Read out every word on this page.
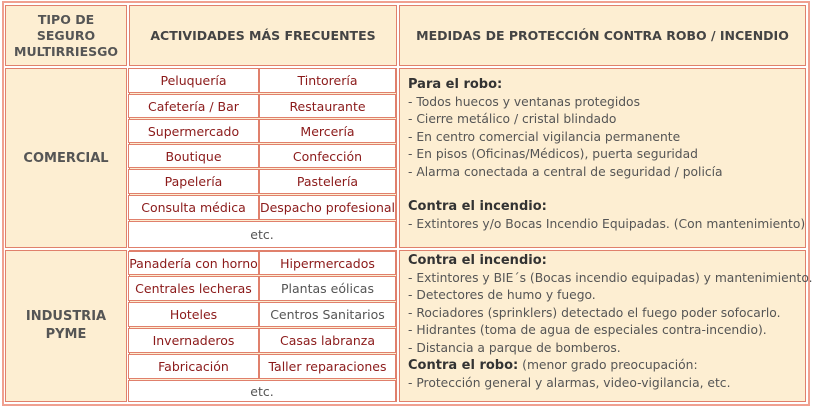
TIPO DE
SEGURO
MULTIRRIESGO
ACTIVIDADES MÁS FRECUENTES	MEDIDAS DE PROTECCIÓN CONTRA ROBO / INCENDIO
COMERCIAL
Peluquería	Tintorería
Cafetería / Bar	Restaurante
Supermercado	Mercería
Boutique	Confección
Papelería	Pastelería
Consulta médica	Despacho profesional
etc.
Para el robo:
- Todos huecos y ventanas protegidos
- Cierre metálico / cristal blindado
- En centro comercial vigilancia permanente
- En pisos (Oficinas/Médicos), puerta seguridad
- Alarma conectada a central de seguridad / policía
Contra el incendio:
- Extintores y/o Bocas Incendio Equipadas. (Con mantenimiento)
INDUSTRIA
PYME
Panadería con horno	Hipermercados
Centrales lecheras	Plantas eólicas
Hoteles	Centros Sanitarios
Invernaderos	Casas labranza
Fabricación	Taller reparaciones
etc.
Contra el incendio:
- Extintores y BIE´s (Bocas incendio equipadas) y mantenimiento.
- Detectores de humo y fuego.
- Rociadores (sprinklers) detectado el fuego poder sofocarlo.
- Hidrantes (toma de agua de especiales contra-incendio).
- Distancia a parque de bomberos.
Contra el robo: (menor grado preocupación:
- Protección general y alarmas, video-vigilancia, etc.
